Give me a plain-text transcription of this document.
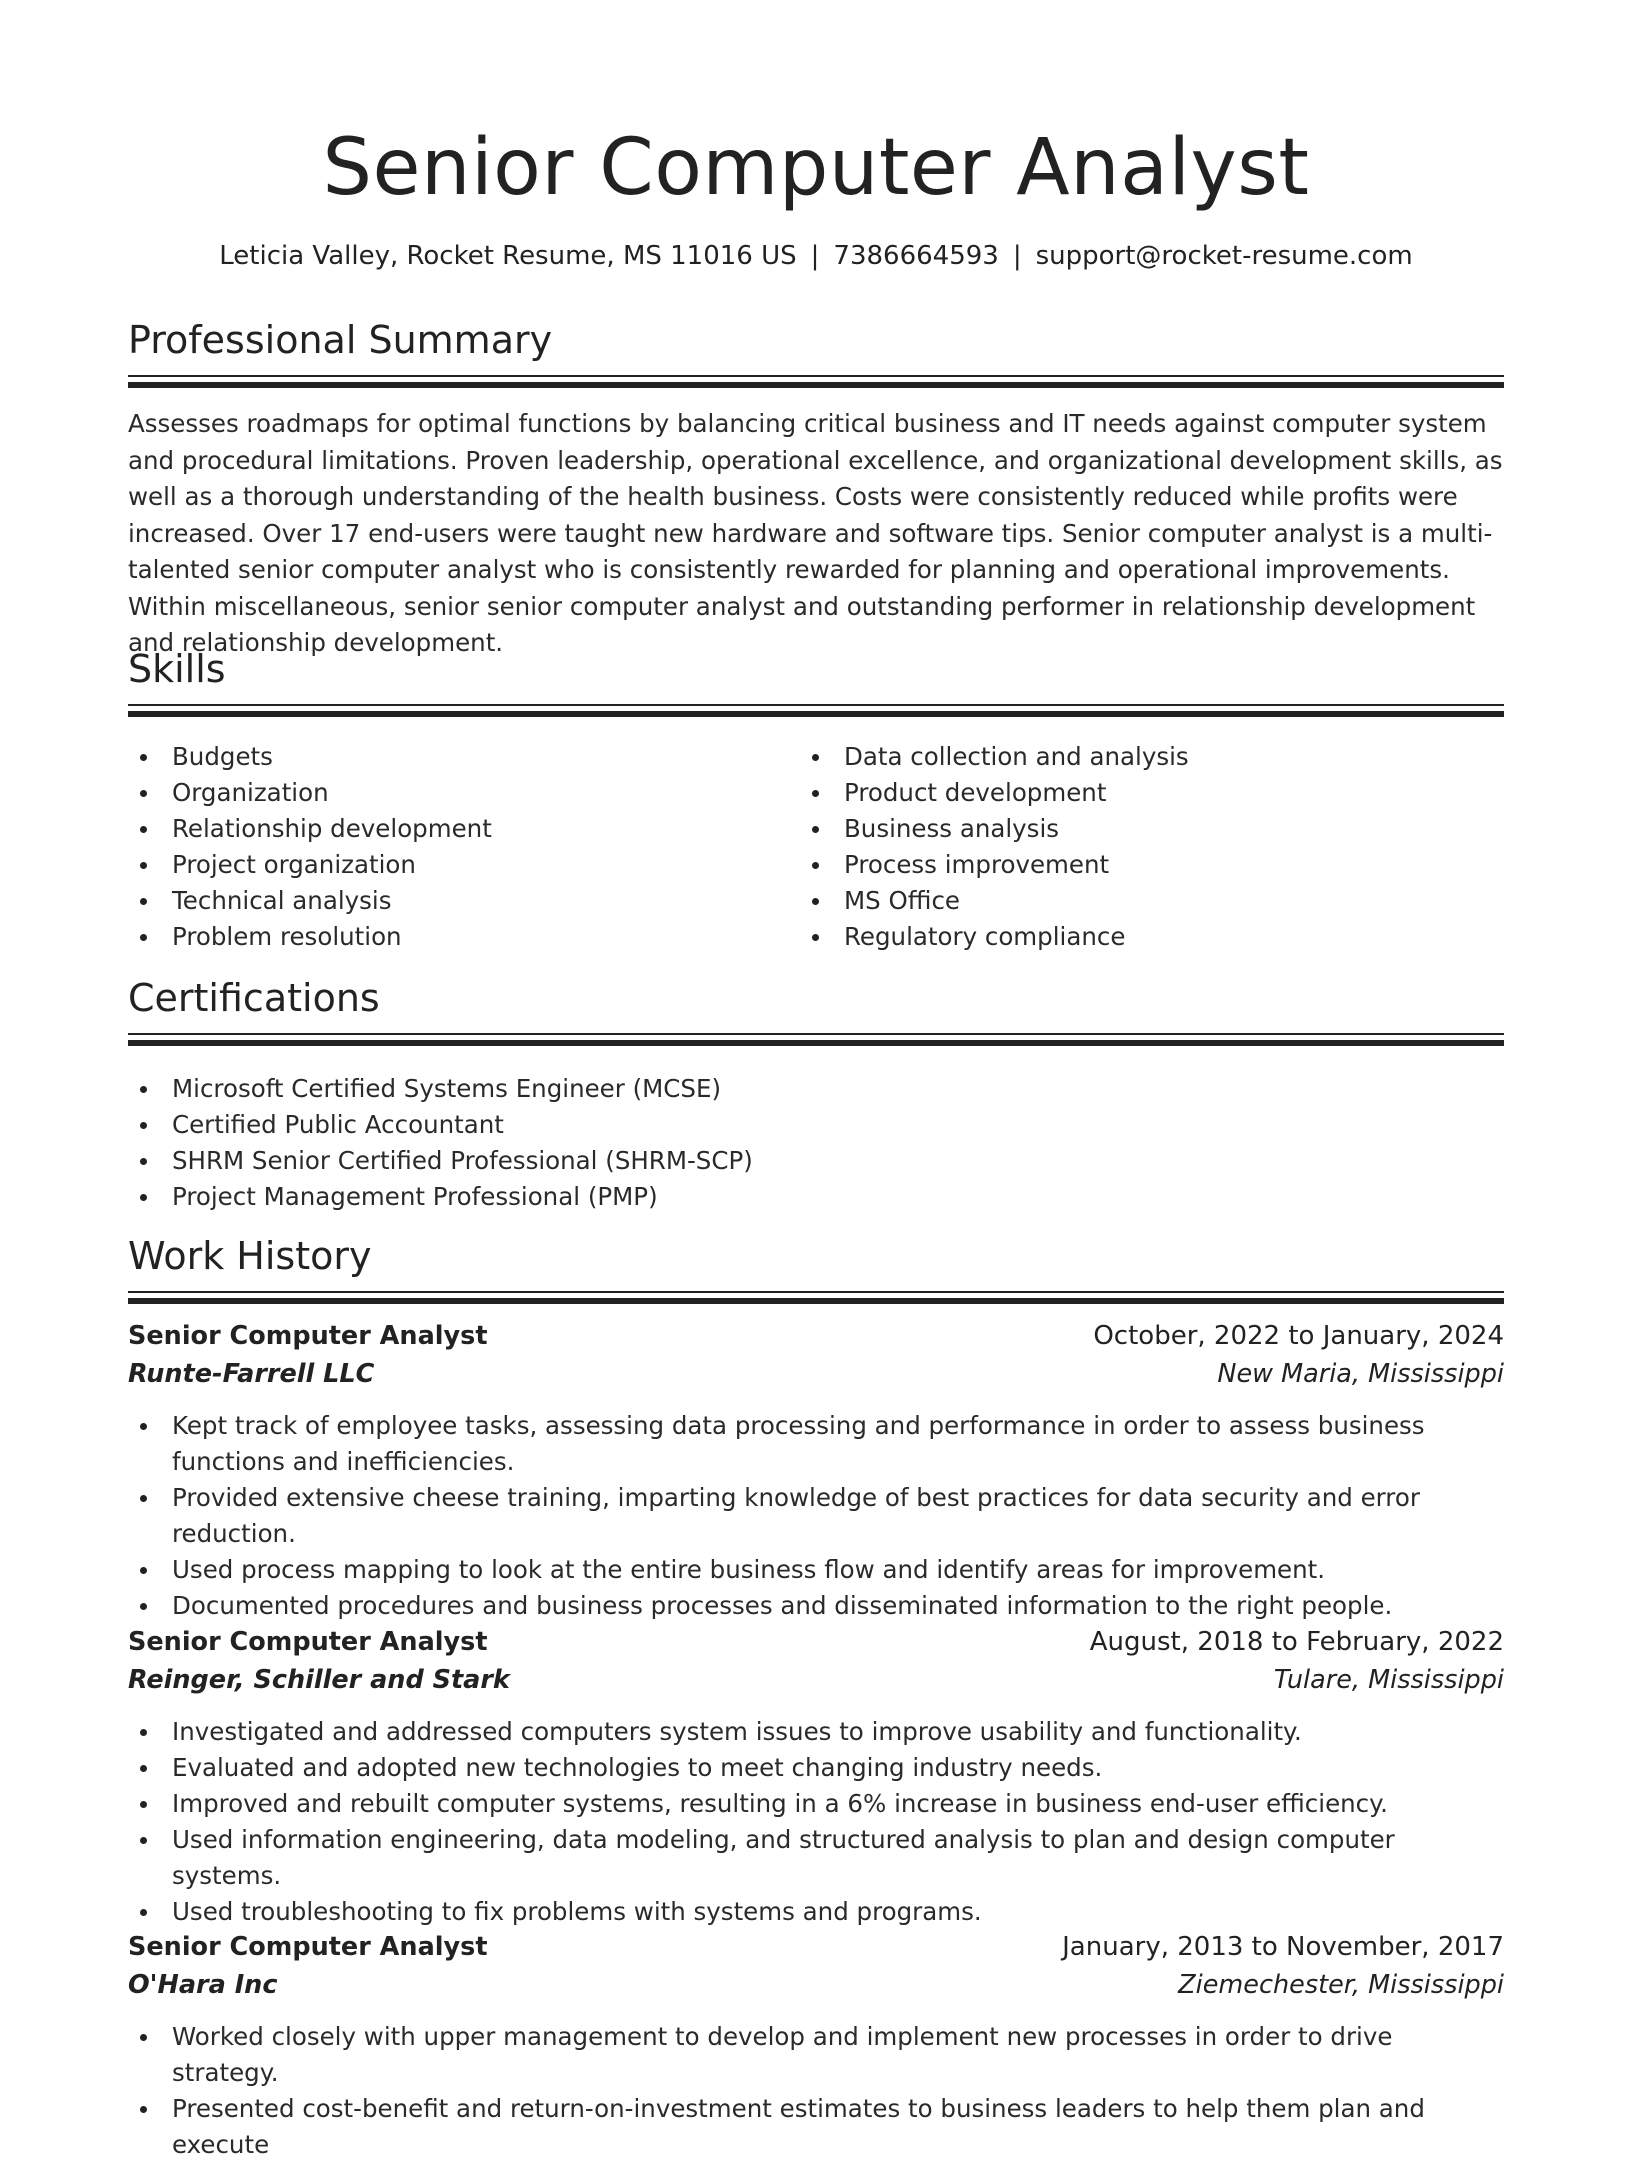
Senior Computer Analyst
Leticia Valley, Rocket Resume, MS 11016 US | 7386664593 | support@rocket-resume.com
Professional Summary

Assesses roadmaps for optimal functions by balancing critical business and IT needs against computer system and procedural limitations. Proven leadership, operational excellence, and organizational development skills, as well as a thorough understanding of the health business. Costs were consistently reduced while profits were increased. Over 17 end-users were taught new hardware and software tips. Senior computer analyst is a multi-talented senior computer analyst who is consistently rewarded for planning and operational improvements. Within miscellaneous, senior senior computer analyst and outstanding performer in relationship development and relationship development.

Skills
Budgets
Organization
Relationship development
Project organization
Technical analysis
Problem resolution
Data collection and analysis
Product development
Business analysis
Process improvement
MS Office
Regulatory compliance
Certifications
Microsoft Certified Systems Engineer (MCSE)
Certified Public Accountant
SHRM Senior Certified Professional (SHRM-SCP)
Project Management Professional (PMP)
Work History
Senior Computer Analyst	October, 2022 to January, 2024
Runte-Farrell LLC	New Maria, Mississippi
Kept track of employee tasks, assessing data processing and performance in order to assess business functions and inefficiencies.
Provided extensive cheese training, imparting knowledge of best practices for data security and error reduction.
Used process mapping to look at the entire business flow and identify areas for improvement.
Documented procedures and business processes and disseminated information to the right people.
Senior Computer Analyst	August, 2018 to February, 2022
Reinger, Schiller and Stark	Tulare, Mississippi
Investigated and addressed computers system issues to improve usability and functionality.
Evaluated and adopted new technologies to meet changing industry needs.
Improved and rebuilt computer systems, resulting in a 6% increase in business end-user efficiency.
Used information engineering, data modeling, and structured analysis to plan and design computer systems.
Used troubleshooting to fix problems with systems and programs.
Senior Computer Analyst	January, 2013 to November, 2017
O'Hara Inc	Ziemechester, Mississippi
Worked closely with upper management to develop and implement new processes in order to drive strategy.
Presented cost-benefit and return-on-investment estimates to business leaders to help them plan and execute
